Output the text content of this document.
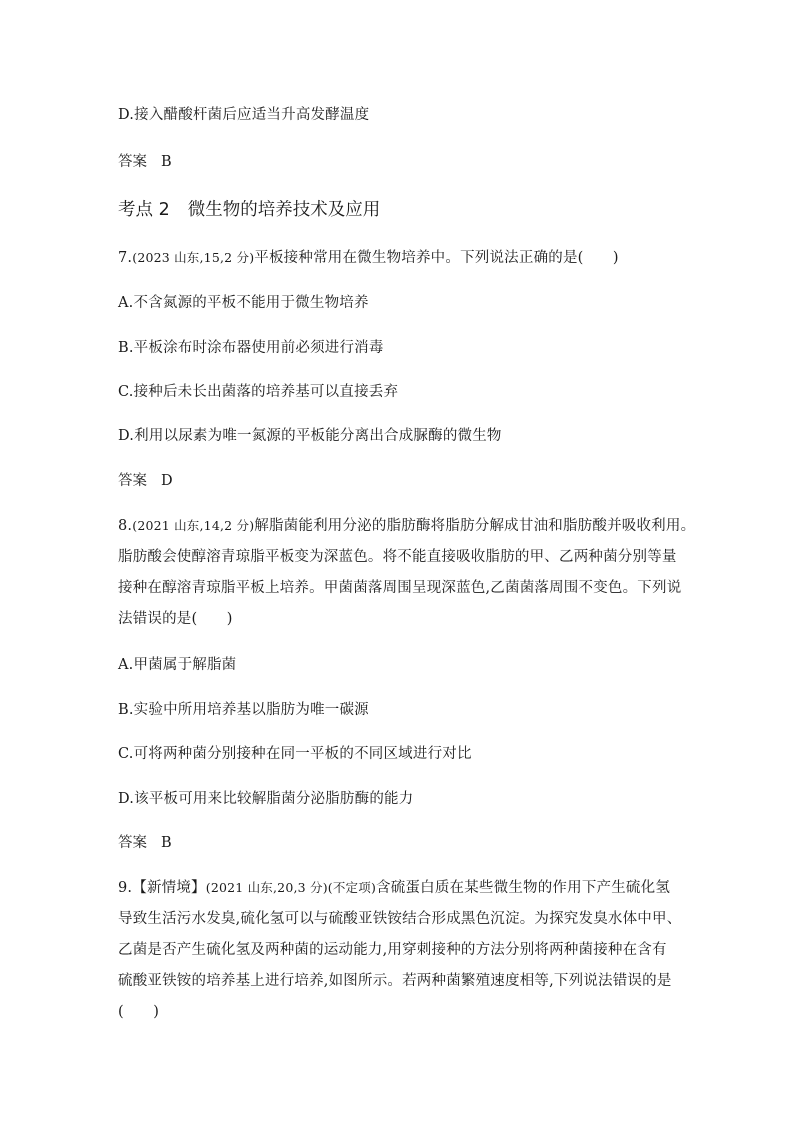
D.接入醋酸杆菌后应适当升高发酵温度
答案 B
考点 2 微生物的培养技术及应用
7.(2023 山东,15,2 分)平板接种常用在微生物培养中。下列说法正确的是(　　)
A.不含氮源的平板不能用于微生物培养
B.平板涂布时涂布器使用前必须进行消毒
C.接种后未长出菌落的培养基可以直接丢弃
D.利用以尿素为唯一氮源的平板能分离出合成脲酶的微生物
答案 D
8.(2021 山东,14,2 分)解脂菌能利用分泌的脂肪酶将脂肪分解成甘油和脂肪酸并吸收利用。
脂肪酸会使醇溶青琼脂平板变为深蓝色。将不能直接吸收脂肪的甲、乙两种菌分别等量
接种在醇溶青琼脂平板上培养。甲菌菌落周围呈现深蓝色,乙菌菌落周围不变色。下列说
法错误的是(　　)
A.甲菌属于解脂菌
B.实验中所用培养基以脂肪为唯一碳源
C.可将两种菌分别接种在同一平板的不同区域进行对比
D.该平板可用来比较解脂菌分泌脂肪酶的能力
答案 B
9.【新情境】(2021 山东,20,3 分)(不定项)含硫蛋白质在某些微生物的作用下产生硫化氢
导致生活污水发臭,硫化氢可以与硫酸亚铁铵结合形成黑色沉淀。为探究发臭水体中甲、
乙菌是否产生硫化氢及两种菌的运动能力,用穿刺接种的方法分别将两种菌接种在含有
硫酸亚铁铵的培养基上进行培养,如图所示。若两种菌繁殖速度相等,下列说法错误的是
(　　)
